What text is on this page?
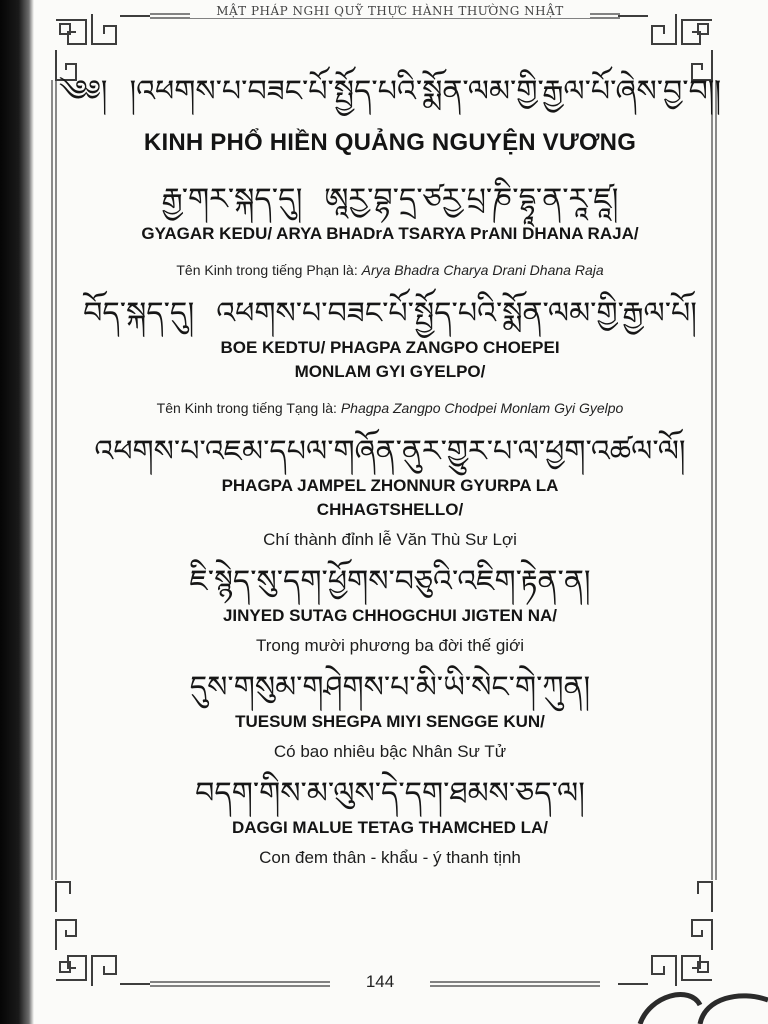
MẬT PHÁP NGHI QUỸ THỰC HÀNH THƯỜNG NHẬT
༄༅། །འཕགས་པ་བཟང་པོ་སྤྱོད་པའི་སྨོན་ལམ་གྱི་རྒྱལ་པོ་ཞེས་བྱ་བ།།
KINH PHỔ HIỀN QUẢNG NGUYỆN VƯƠNG
རྒྱ་གར་སྐད་དུ། ཨཱརྱ་བྷ་དྲ་ཙརྱ་པྲ་ཎི་དྷཱ་ན་རཱ་ཛཱ།
GYAGAR KEDU/ ARYA BHADrA TSARYA PrANI DHANA RAJA/
Tên Kinh trong tiếng Phạn là: Arya Bhadra Charya Drani Dhana Raja
བོད་སྐད་དུ། འཕགས་པ་བཟང་པོ་སྤྱོད་པའི་སྨོན་ལམ་གྱི་རྒྱལ་པོ།
BOE KEDTU/ PHAGPA ZANGPO CHOEPEI
MONLAM GYI GYELPO/
Tên Kinh trong tiếng Tạng là: Phagpa Zangpo Chodpei Monlam Gyi Gyelpo
འཕགས་པ་འཇམ་དཔལ་གཞོན་ནུར་གྱུར་པ་ལ་ཕྱག་འཚལ་ལོ།
PHAGPA JAMPEL ZHONNUR GYURPA LA
CHHAGTSHELLO/
Chí thành đỉnh lễ Văn Thù Sư Lợi
ཇི་སྙེད་སུ་དག་ཕྱོགས་བཅུའི་འཇིག་རྟེན་ན།
JINYED SUTAG CHHOGCHUI JIGTEN NA/
Trong mười phương ba đời thế giới
དུས་གསུམ་གཤེགས་པ་མི་ཡི་སེང་གེ་ཀུན།
TUESUM SHEGPA MIYI SENGGE KUN/
Có bao nhiêu bậc Nhân Sư Tử
བདག་གིས་མ་ལུས་དེ་དག་ཐམས་ཅད་ལ།
DAGGI MALUE TETAG THAMCHED LA/
Con đem thân - khẩu - ý thanh tịnh
144
